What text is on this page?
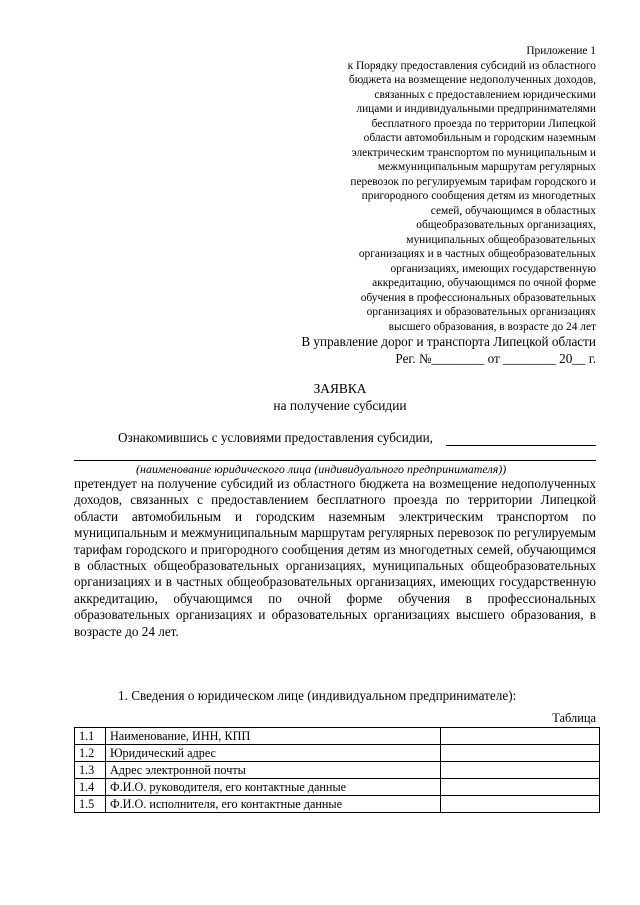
Приложение 1
к Порядку предоставления субсидий из областного
бюджета на возмещение недополученных доходов,
связанных с предоставлением юридическими
лицами и индивидуальными предпринимателями
бесплатного проезда по территории Липецкой
области автомобильным и городским наземным
электрическим транспортом по муниципальным и
межмуниципальным маршрутам регулярных
перевозок по регулируемым тарифам городского и
пригородного сообщения детям из многодетных
семей, обучающимся в областных
общеобразовательных организациях,
муниципальных общеобразовательных
организациях и в частных общеобразовательных
организациях, имеющих государственную
аккредитацию, обучающимся по очной форме
обучения в профессиональных образовательных
организациях и образовательных организациях
высшего образования, в возрасте до 24 лет
В управление дорог и транспорта Липецкой области
Рег. №________ от ________ 20__ г.
ЗАЯВКА
на получение субсидии
Ознакомившись с условиями предоставления субсидии,
(наименование юридического лица (индивидуального предпринимателя))
претендует на получение субсидий из областного бюджета на возмещение недополученных доходов, связанных с предоставлением бесплатного проезда по территории Липецкой области автомобильным и городским наземным электрическим транспортом по муниципальным и межмуниципальным маршрутам регулярных перевозок по регулируемым тарифам городского и пригородного сообщения детям из многодетных семей, обучающимся в областных общеобразовательных организациях, муниципальных общеобразовательных организациях и в частных общеобразовательных организациях, имеющих государственную аккредитацию, обучающимся по очной форме обучения в профессиональных образовательных организациях и образовательных организациях высшего образования, в возрасте до 24 лет.
1. Сведения о юридическом лице (индивидуальном предпринимателе):
Таблица
1.1	Наименование, ИНН, КПП	
1.2	Юридический адрес	
1.3	Адрес электронной почты	
1.4	Ф.И.О. руководителя, его контактные данные	
1.5	Ф.И.О. исполнителя, его контактные данные	
